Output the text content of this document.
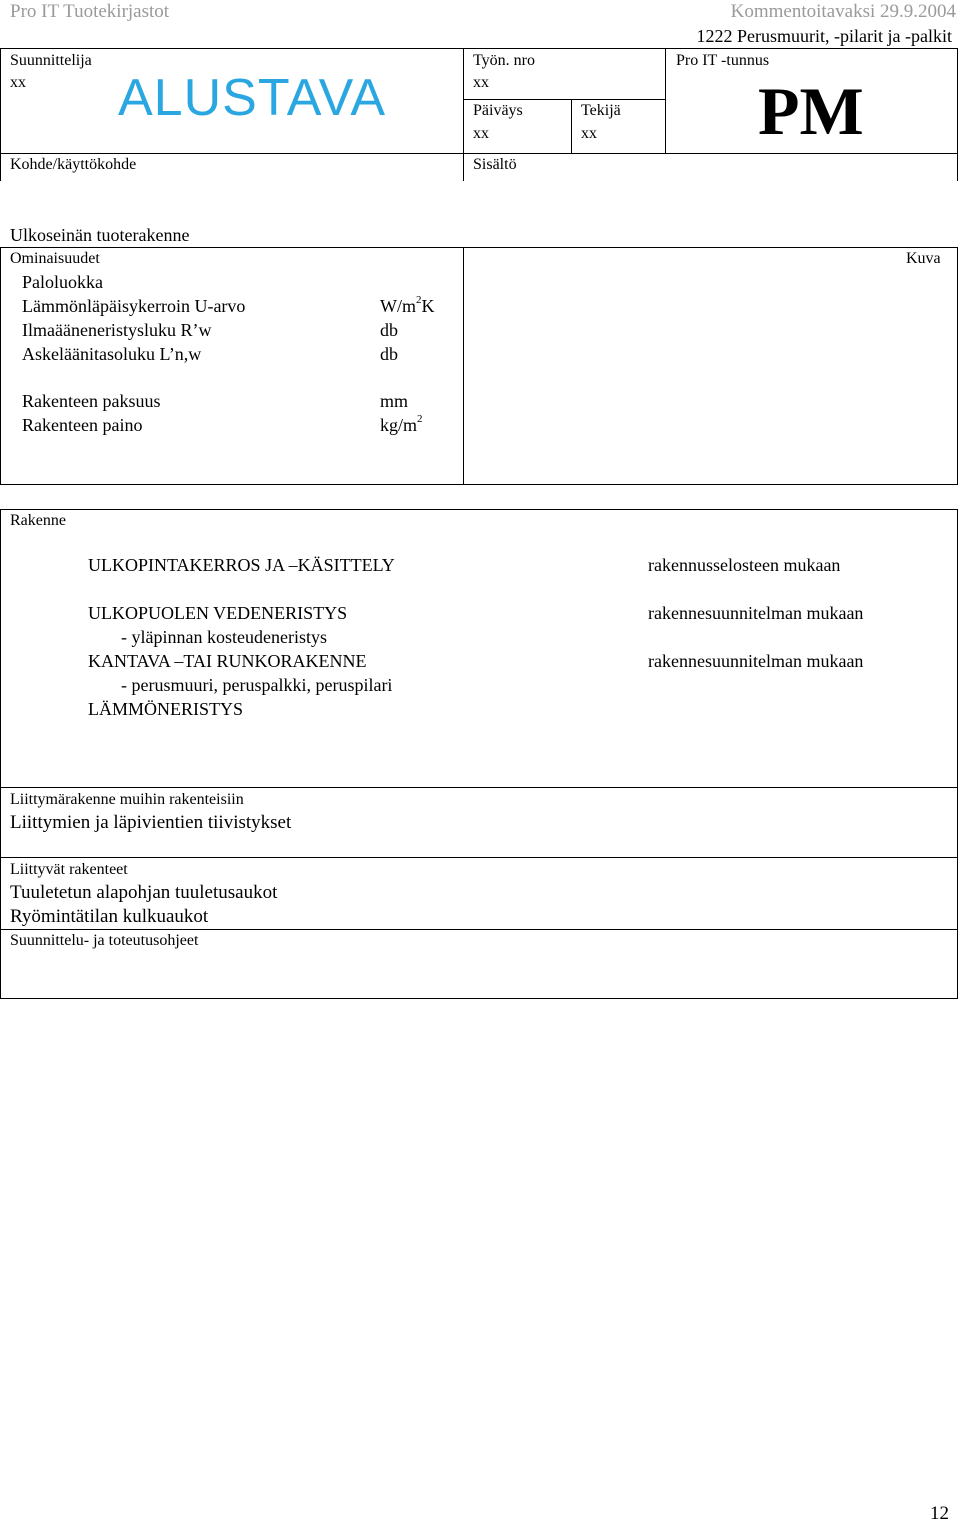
Pro IT Tuotekirjastot	Kommentoitavaksi 29.9.2004
1222 Perusmuurit, -pilarit ja -palkit
Suunnittelija
xx ALUSTAVA
Kohde/käyttökohde
Työn. nro
xx
Päiväys
xx
Tekijä
xx
Sisältö
Pro IT -tunnus
PM
Ulkoseinän tuoterakenne
Ominaisuudet	Kuva
Paloluokka
Lämmönläpäisykerroin U-arvo	$W/m^2K$
Ilmaääneneristysluku R’w	db
Askeläänitasoluku L’n,w	db
Rakenteen paksuus	mm
Rakenteen paino	$kg/m^2$
Rakenne
ULKOPINTAKERROS JA –KÄSITTELY	rakennusselosteen mukaan
ULKOPUOLEN VEDENERISTYS	rakennesuunnitelman mukaan
- yläpinnan kosteudeneristys
KANTAVA –TAI RUNKORAKENNE	rakennesuunnitelman mukaan
- perusmuuri, peruspalkki, peruspilari
LÄMMÖNERISTYS
Liittymärakenne muihin rakenteisiin
Liittymien ja läpivientien tiivistykset
Liittyvät rakenteet
Tuuletetun alapohjan tuuletusaukot
Ryömintätilan kulkuaukot
Suunnittelu- ja toteutusohjeet
12
